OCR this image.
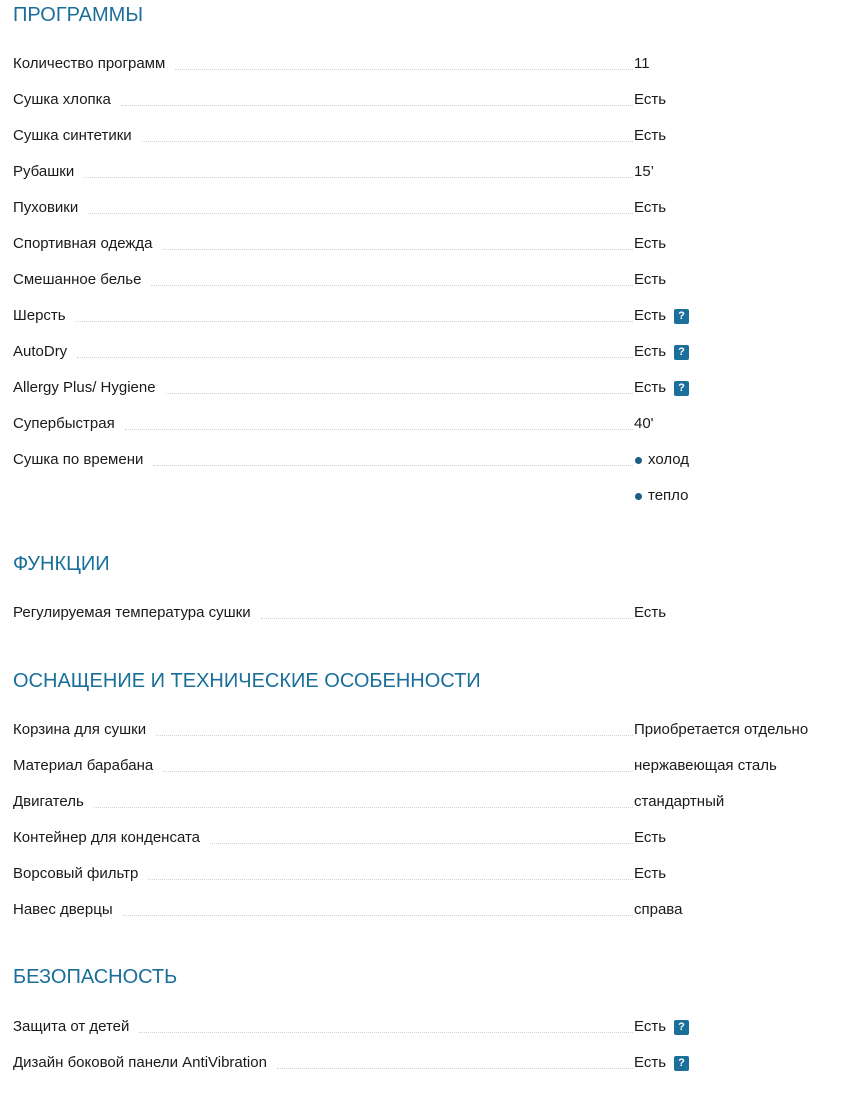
ПРОГРАММЫ
Количество программ	11
Сушка хлопка	Есть
Сушка синтетики	Есть
Рубашки	15’
Пуховики	Есть
Спортивная одежда	Есть
Смешанное белье	Есть
Шерсть	Есть	?
AutoDry	Есть	?
Allergy Plus/ Hygiene	Есть	?
Супербыстрая	40'
Сушка по времени	холод
тепло
ФУНКЦИИ
Регулируемая температура сушки	Есть
ОСНАЩЕНИЕ И ТЕХНИЧЕСКИЕ ОСОБЕННОСТИ
Корзина для сушки	Приобретается отдельно
Материал барабана	нержавеющая сталь
Двигатель	стандартный
Контейнер для конденсата	Есть
Ворсовый фильтр	Есть
Навес дверцы	справа
БЕЗОПАСНОСТЬ
Защита от детей	Есть	?
Дизайн боковой панели AntiVibration	Есть	?
